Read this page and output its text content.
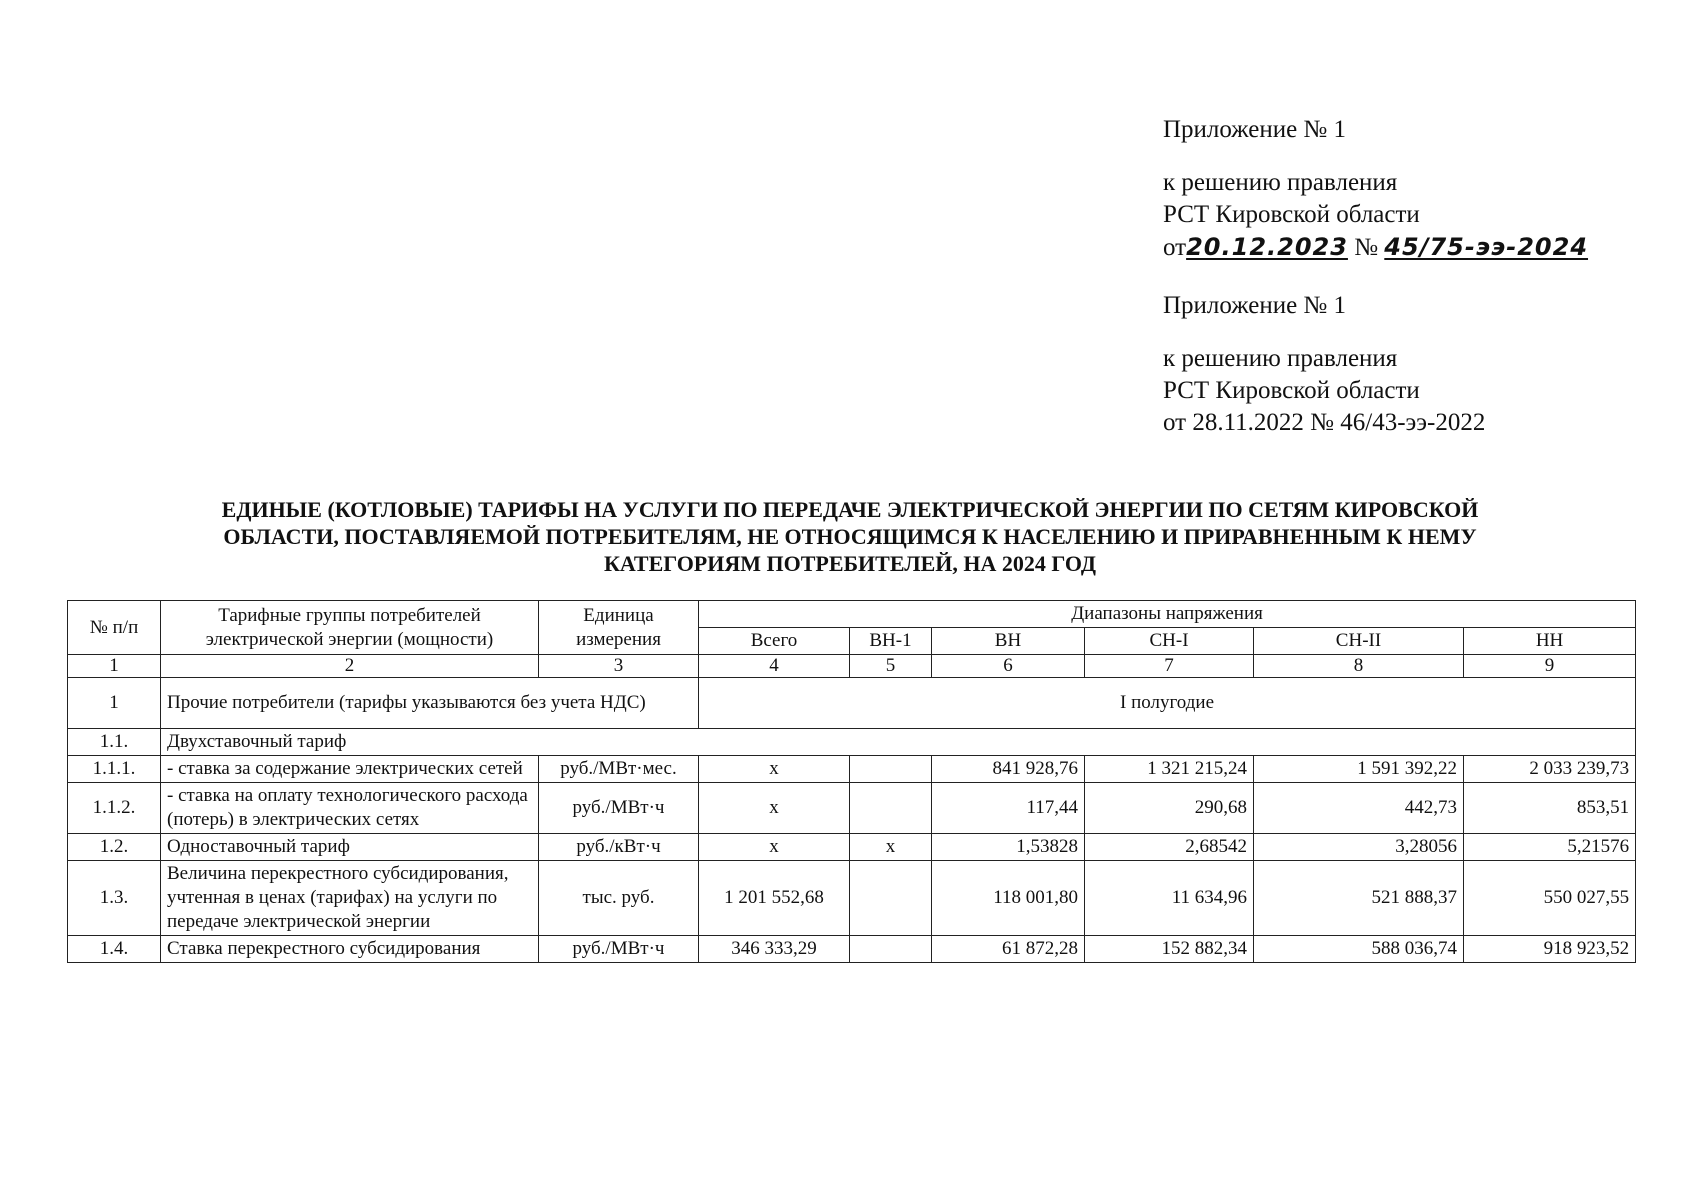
Приложение № 1
к решению правления
РСТ Кировской области
от20.12.2023 № 45/75-ээ-2024
Приложение № 1
к решению правления
РСТ Кировской области
от 28.11.2022 № 46/43-ээ-2022
ЕДИНЫЕ (КОТЛОВЫЕ) ТАРИФЫ НА УСЛУГИ ПО ПЕРЕДАЧЕ ЭЛЕКТРИЧЕСКОЙ ЭНЕРГИИ ПО СЕТЯМ КИРОВСКОЙ
ОБЛАСТИ, ПОСТАВЛЯЕМОЙ ПОТРЕБИТЕЛЯМ, НЕ ОТНОСЯЩИМСЯ К НАСЕЛЕНИЮ И ПРИРАВНЕННЫМ К НЕМУ
КАТЕГОРИЯМ ПОТРЕБИТЕЛЕЙ, НА 2024 ГОД
№ п/п	Тарифные группы потребителей электрической энергии (мощности)	Единица измерения	Диапазоны напряжения					
			Всего	ВН-1	ВН	СН-I	СН-II	НН
1	2	3	4	5	6	7	8	9
1	Прочие потребители (тарифы указываются без учета НДС)		I полугодие					
1.1.	Двухставочный тариф							
1.1.1.	- ставка за содержание электрических сетей	руб./МВт·мес.	х		841 928,76	1 321 215,24	1 591 392,22	2 033 239,73
1.1.2.	- ставка на оплату технологического расхода (потерь) в электрических сетях	руб./МВт·ч	х		117,44	290,68	442,73	853,51
1.2.	Одноставочный тариф	руб./кВт·ч	х	х	1,53828	2,68542	3,28056	5,21576
1.3.	Величина перекрестного субсидирования, учтенная в ценах (тарифах) на услуги по передаче электрической энергии	тыс. руб.	1 201 552,68		118 001,80	11 634,96	521 888,37	550 027,55
1.4.	Ставка перекрестного субсидирования	руб./МВт·ч	346 333,29		61 872,28	152 882,34	588 036,74	918 923,52
